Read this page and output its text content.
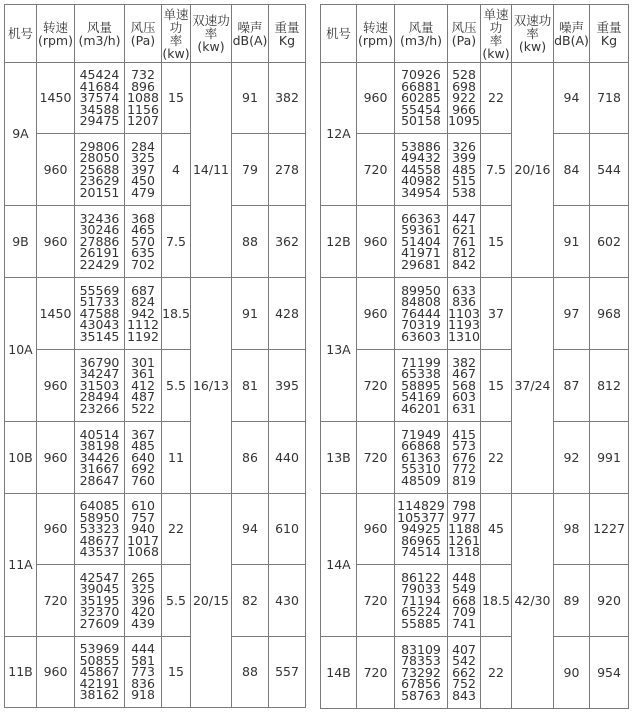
机号	转速
(rpm)	风量
(m3/h)	风压
(Pa)	单速
功
率
(kw)	双速功
率
(kw)	噪声
dB(A)	重量
Kg

9A	1450	45424
41684
37574
34588
29475	732
896
1088
1156
1207	15	14/11	91	382
	960	29806
28050
25688
23629
20151	284
325
397
450
479	4		79	278
9B	960	32436
30246
27886
26191
22429	368
465
570
635
702	7.5		88	362
10A	1450	55569
51733
47588
43043
35145	687
824
942
1112
1192	18.5	16/13	91	428
	960	36790
34247
31503
28494
23266	301
361
412
487
522	5.5		81	395
10B	960	40514
38198
34426
31667
28647	367
485
640
692
760	11		86	440
11A	960	64085
58950
53323
48677
43537	610
757
940
1017
1068	22	20/15	94	610
	720	42547
39045
35195
32370
27609	265
325
396
420
439	5.5		82	430
11B	960	53969
50855
45867
42191
38162	444
581
773
836
918	15		88	557
机号	转速
(rpm)	风量
(m3/h)	风压
(Pa)	单速
功
率
(kw)	双速功
率
(kw)	噪声
dB(A)	重量
Kg

12A	960	70926
66881
60285
55454
50158	528
698
922
966
1095	22	20/16	94	718
	720	53886
49432
44558
40982
34954	326
399
485
515
538	7.5		84	544
12B	960	66363
59361
51404
41971
29681	447
621
761
812
842	15		91	602
13A	960	89950
84808
76444
70319
63603	633
836
1103
1193
1310	37	37/24	97	968
	720	71199
65338
58895
54169
46201	382
467
568
603
631	15		87	812
13B	720	71949
66868
61363
55310
48509	415
573
676
772
819	22		92	991
14A	960	114829
105377
94925
86965
74514	798
977
1188
1261
1318	45	42/30	98	1227
	720	86122
79033
71194
65224
55885	448
549
668
709
741	18.5		89	920
14B	720	83109
78353
73292
67856
58763	407
542
662
752
843	22		90	954
